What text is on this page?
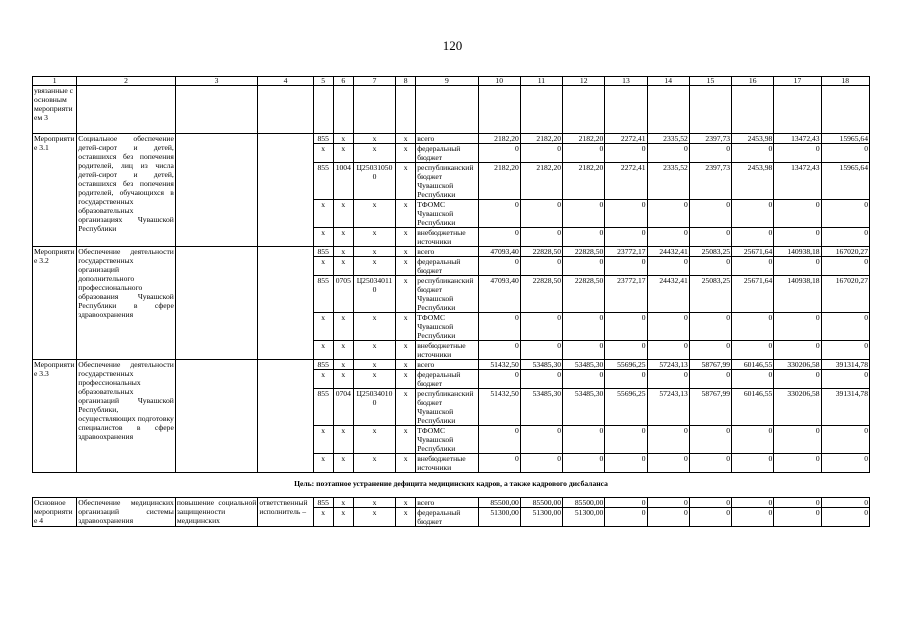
120
1	2	3	4	5	6	7	8	9	10	11	12	13	14	15	16	17	18
увязанные с основным мероприятием 3																	
Мероприятие 3.1	Социальное обеспечение детей-сирот и детей, оставшихся без попечения родителей, лиц из числа детей-сирот и детей, оставшихся без попечения родителей, обучающихся в государственных образовательных организациях Чувашской Республики			855	x	x	x	всего	2182,20	2182,20	2182,20	2272,41	2335,52	2397,73	2453,98	13472,43	15965,64
				x	x	x	x	федеральный бюджет	0	0	0	0	0	0	0	0	0
				855	1004	Ц250310500	x	республиканский бюджет Чувашской Республики	2182,20	2182,20	2182,20	2272,41	2335,52	2397,73	2453,98	13472,43	15965,64
				x	x	x	x	ТФОМС Чувашской Республики	0	0	0	0	0	0	0	0	0
				x	x	x	x	внебюджетные источники	0	0	0	0	0	0	0	0	0
Мероприятие 3.2	Обеспечение деятельности государственных организаций дополнительного профессионального образования Чувашской Республики в сфере здравоохранения			855	x	x	x	всего	47093,40	22828,50	22828,50	23772,17	24432,41	25083,25	25671,64	140938,18	167020,27
				x	x	x	x	федеральный бюджет	0	0	0	0	0	0	0	0	0
				855	0705	Ц250340110	x	республиканский бюджет Чувашской Республики	47093,40	22828,50	22828,50	23772,17	24432,41	25083,25	25671,64	140938,18	167020,27
				x	x	x	x	ТФОМС Чувашской Республики	0	0	0	0	0	0	0	0	0
				x	x	x	x	внебюджетные источники	0	0	0	0	0	0	0	0	0
Мероприятие 3.3	Обеспечение деятельности государственных профессиональных образовательных организаций Чувашской Республики, осуществляющих подготовку специалистов в сфере здравоохранения			855	x	x	x	всего	51432,50	53485,30	53485,30	55696,25	57243,13	58767,99	60146,55	330206,58	391314,78
				x	x	x	x	федеральный бюджет	0	0	0	0	0	0	0	0	0
				855	0704	Ц250340100	x	республиканский бюджет Чувашской Республики	51432,50	53485,30	53485,30	55696,25	57243,13	58767,99	60146,55	330206,58	391314,78
				x	x	x	x	ТФОМС Чувашской Республики	0	0	0	0	0	0	0	0	0
				x	x	x	x	внебюджетные источники	0	0	0	0	0	0	0	0	0
Цель: поэтапное устранение дефицита медицинских кадров, а также кадрового дисбаланса																	
Основное мероприятие 4	Обеспечение медицинских организаций системы здравоохранения	повышение социальной защищенности медицинских	ответственный исполнитель –	855	x	x	x	всего	85500,00	85500,00	85500,00	0	0	0	0	0	0
				x	x	x	x	федеральный бюджет	51300,00	51300,00	51300,00	0	0	0	0	0	0
